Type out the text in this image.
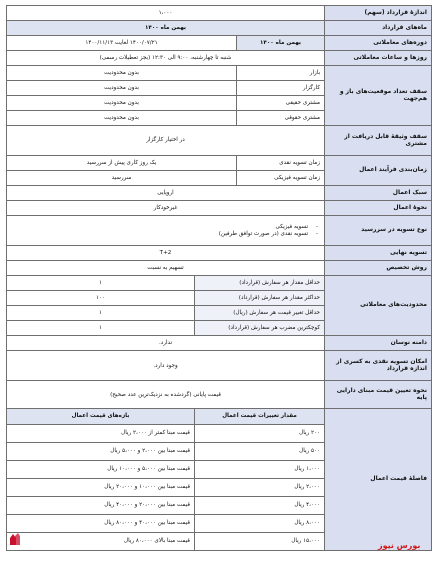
اندازهٔ قرارداد (سهم)	۱،۰۰۰		
ماه‌های قرارداد	بهمن ماه ۱۴۰۰		
دوره‌های معاملاتی	بهمن ماه ۱۴۰۰	۱۴۰۰/۰۷/۲۱ لغایت ۱۴۰۰/۱۱/۱۳	
روزها و ساعات معاملاتی	شنبه تا چهارشنبه، ۹:۰۰ الی ۱۲:۳۰ (بجز تعطیلات رسمی)		
سقف تعداد موقعیت‌های باز و هم‌جهت	بازار	بدون محدودیت	
	کارگزار	بدون محدودیت	
	مشتری حقیقی	بدون محدودیت	
	مشتری حقوقی	بدون محدودیت	
سقف وثیقهٔ قابل دریافت از مشتری	در اختیار کارگزار		
زمان‌بندی فرآیند اعمال	زمان تسویه نقدی	یک روز کاری پیش از سررسید	
	زمان تسویه فیزیکی	سررسید	
سبک اعمال	اروپایی		
نحوهٔ اعمال	غیرخودکار		
نوع تسویه در سررسید	- تسویه فیزیکی
- تسویه نقدی (در صورت توافق طرفین)

تسویه نهایی	T+2		
روش تخصیص	تسهیم به نسبت		
محدودیت‌های معاملاتی	حداقل مقدار هر سفارش (قرارداد)		۱
	حداکثر مقدار هر سفارش (قرارداد)		۱۰۰
	حداقل تغییر قیمت هر سفارش (ریال)		۱
	کوچکترین مضرب هر سفارش (قرارداد)		۱
دامنه نوسان	ندارد.		
امکان تسویه نقدی به کسری از اندازه قرارداد	وجود دارد.		
نحوه تعیین قیمت مبنای دارایی پایه	قیمت پایانی (گردشده به نزدیک‌ترین عدد صحیح)		
فاصلهٔ قیمت اعمال	مقدار تغییرات قیمت اعمال		بازه‌های قیمت اعمال
	۲۰۰ ریال		قیمت مبنا کمتر از ۲،۰۰۰ ریال
	۵۰۰ ریال		قیمت مبنا بین ۲،۰۰۰ و ۵،۰۰۰ ریال
	۱،۰۰۰ ریال		قیمت مبنا بین ۵،۰۰۰ و ۱۰،۰۰۰ ریال
	۲،۰۰۰ ریال		قیمت مبنا بین ۱۰،۰۰۰ و ۲۰،۰۰۰ ریال
	۴،۰۰۰ ریال		قیمت مبنا بین ۲۰،۰۰۰ و ۴۰،۰۰۰ ریال
	۸،۰۰۰ ریال		قیمت مبنا بین ۴۰،۰۰۰ و ۸۰،۰۰۰ ریال
	۱۵،۰۰۰ ریال		قیمت مبنا بالای ۸۰،۰۰۰ ریال	بورس نیوز
